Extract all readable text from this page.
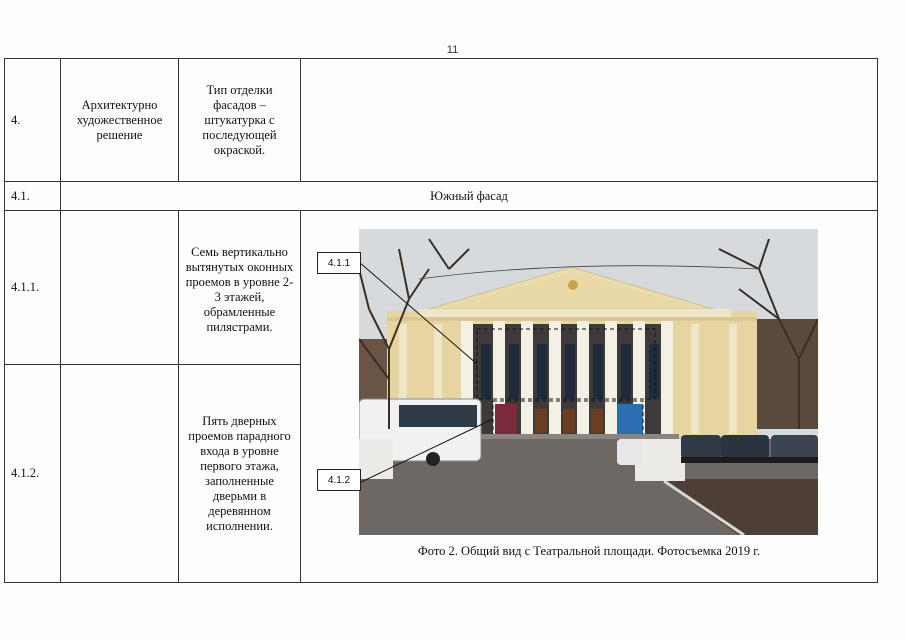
11
4.
Архитектурно художественное решение
Тип отделки фасадов – штукатурка с последующей окраской.
4.1.	Южный фасад
4.1.1.
Семь вертикально вытянутых оконных проемов в уровне 2-3 этажей, обрамленные пилястрами.
4.1.2.
Пять дверных проемов парадного входа в уровне первого этажа, заполненные дверьми в деревянном исполнении.
4.1.1
4.1.2
Фото 2. Общий вид с Театральной площади. Фотосъемка 2019 г.
